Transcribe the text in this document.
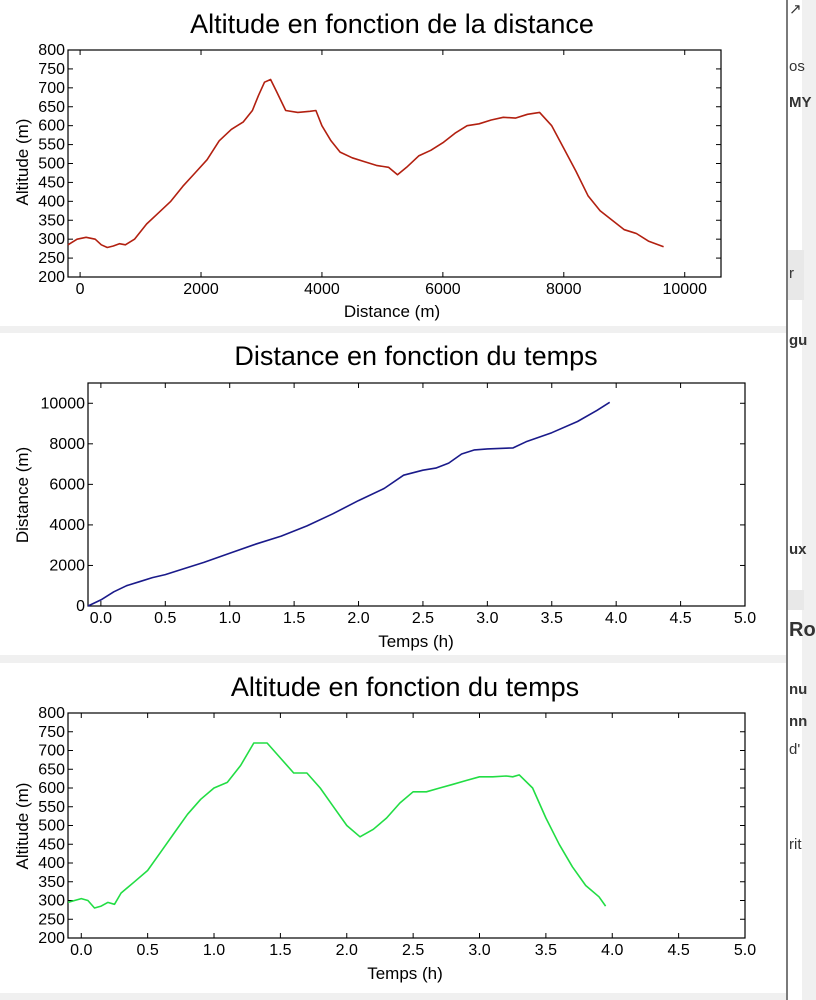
Altitude en fonction de la distance
Distance (m)
Altitude (m)
0	2000	4000	6000	8000	10000
200
250
300
350
400
450
500
550
600
650
700
750
800
Distance en fonction du temps
Temps (h)
Distance (m)
0.0	0.5	1.0	1.5	2.0	2.5	3.0	3.5	4.0	4.5	5.0
0
2000
4000
6000
8000
10000
Altitude en fonction du temps
Temps (h)
Altitude (m)
0.0	0.5	1.0	1.5	2.0	2.5	3.0	3.5	4.0	4.5	5.0
200
250
300
350
400
450
500
550
600
650
700
750
800
↗
os
MY
r
gu
ux
Ro
nu
nn
d'
rit
